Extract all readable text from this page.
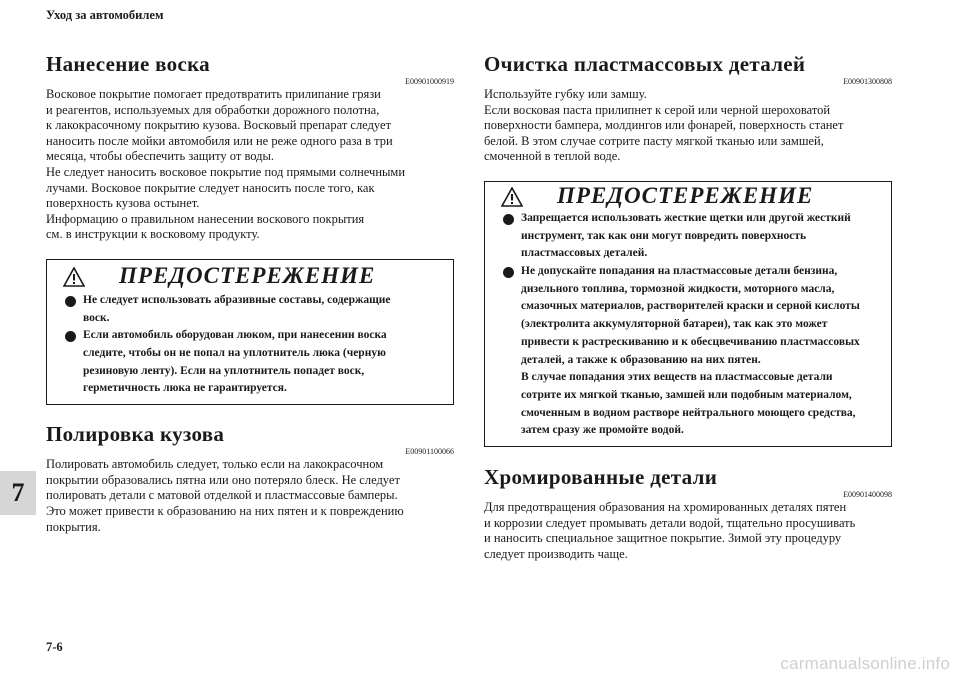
Уход за автомобилем
Нанесение воска
E00901000919

Восковое покрытие помогает предотвратить прилипание грязи

и реагентов, используемых для обработки дорожного полотна,

к лакокрасочному покрытию кузова. Восковый препарат следует

наносить после мойки автомобиля или не реже одного раза в три

месяца, чтобы обеспечить защиту от воды.

Не следует наносить восковое покрытие под прямыми солнечными

лучами. Восковое покрытие следует наносить после того, как

поверхность кузова остынет.

Информацию о правильном нанесении воскового покрытия

см. в инструкции к восковому продукту.

ПРЕДОСТЕРЕЖЕНИЕ
Не следует использовать абразивные составы, содержащие
воск.
Если автомобиль оборудован люком, при нанесении воска
следите, чтобы он не попал на уплотнитель люка (черную
резиновую ленту). Если на уплотнитель попадет воск,
герметичность люка не гарантируется.
Полировка кузова
E00901100066

Полировать автомобиль следует, только если на лакокрасочном

покрытии образовались пятна или оно потеряло блеск. Не следует

полировать детали с матовой отделкой и пластмассовые бамперы.

Это может привести к образованию на них пятен и к повреждению

покрытия.

Очистка пластмассовых деталей
E00901300808

Используйте губку или замшу.

Если восковая паста прилипнет к серой или черной шероховатой

поверхности бампера, молдингов или фонарей, поверхность станет

белой. В этом случае сотрите пасту мягкой тканью или замшей,

смоченной в теплой воде.

ПРЕДОСТЕРЕЖЕНИЕ
Запрещается использовать жесткие щетки или другой жесткий
инструмент, так как они могут повредить поверхность
пластмассовых деталей.
Не допускайте попадания на пластмассовые детали бензина,
дизельного топлива, тормозной жидкости, моторного масла,
смазочных материалов, растворителей краски и серной кислоты
(электролита аккумуляторной батареи), так как это может
привести к растрескиванию и к обесцвечиванию пластмассовых
деталей, а также к образованию на них пятен.
В случае попадания этих веществ на пластмассовые детали
сотрите их мягкой тканью, замшей или подобным материалом,
смоченным в водном растворе нейтрального моющего средства,
затем сразу же промойте водой.
Хромированные детали
E00901400098

Для предотвращения образования на хромированных деталях пятен

и коррозии следует промывать детали водой, тщательно просушивать

и наносить специальное защитное покрытие. Зимой эту процедуру

следует производить чаще.

7
7-6
carmanualsonline.info
